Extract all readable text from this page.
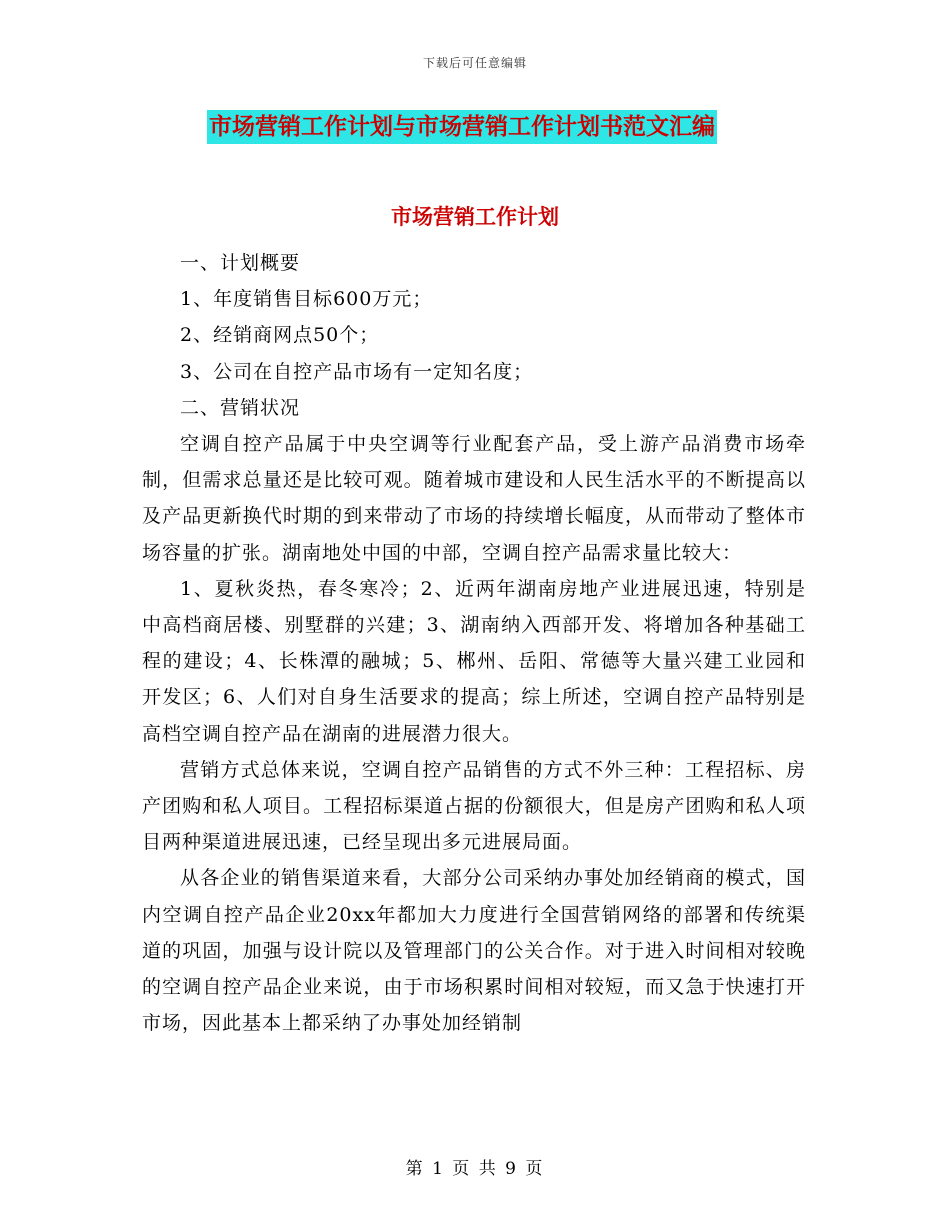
下载后可任意编辑
市场营销工作计划与市场营销工作计划书范文汇编
市场营销工作计划

一、计划概要

1、年度销售目标600万元；

2、经销商网点50个；

3、公司在自控产品市场有一定知名度；

二、营销状况

空调自控产品属于中央空调等行业配套产品，受上游产品消费市场牵制，但需求总量还是比较可观。随着城市建设和人民生活水平的不断提高以及产品更新换代时期的到来带动了市场的持续增长幅度，从而带动了整体市场容量的扩张。湖南地处中国的中部，空调自控产品需求量比较大：

1、夏秋炎热，春冬寒冷；2、近两年湖南房地产业进展迅速，特别是中高档商居楼、别墅群的兴建；3、湖南纳入西部开发、将增加各种基础工程的建设；4、长株潭的融城；5、郴州、岳阳、常德等大量兴建工业园和开发区；6、人们对自身生活要求的提高；综上所述，空调自控产品特别是高档空调自控产品在湖南的进展潜力很大。

营销方式总体来说，空调自控产品销售的方式不外三种：工程招标、房产团购和私人项目。工程招标渠道占据的份额很大，但是房产团购和私人项目两种渠道进展迅速，已经呈现出多元进展局面。

从各企业的销售渠道来看，大部分公司采纳办事处加经销商的模式，国内空调自控产品企业20xx年都加大力度进行全国营销网络的部署和传统渠道的巩固，加强与设计院以及管理部门的公关合作。对于进入时间相对较晚的空调自控产品企业来说，由于市场积累时间相对较短，而又急于快速打开市场，因此基本上都采纳了办事处加经销制

第 1 页 共 9 页
